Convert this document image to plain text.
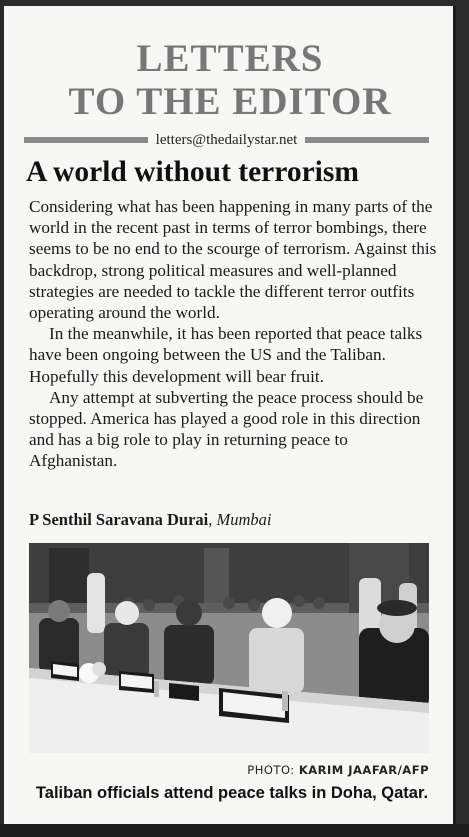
LETTERS
TO THE EDITOR
letters@thedailystar.net
A world without terrorism

Considering what has been happening in many parts of the world in the recent past in terms of terror bombings, there seems to be no end to the scourge of terrorism. Against this backdrop, strong political measures and well-planned strategies are needed to tackle the different terror outfits operating around the world.

In the meanwhile, it has been reported that peace talks have been ongoing between the US and the Taliban. Hopefully this development will bear fruit.

Any attempt at subverting the peace process should be stopped. America has played a good role in this direction and has a big role to play in returning peace to Afghanistan.

P Senthil Saravana Durai, Mumbai
PHOTO: KARIM JAAFAR/AFP
Taliban officials attend peace talks in Doha, Qatar.
